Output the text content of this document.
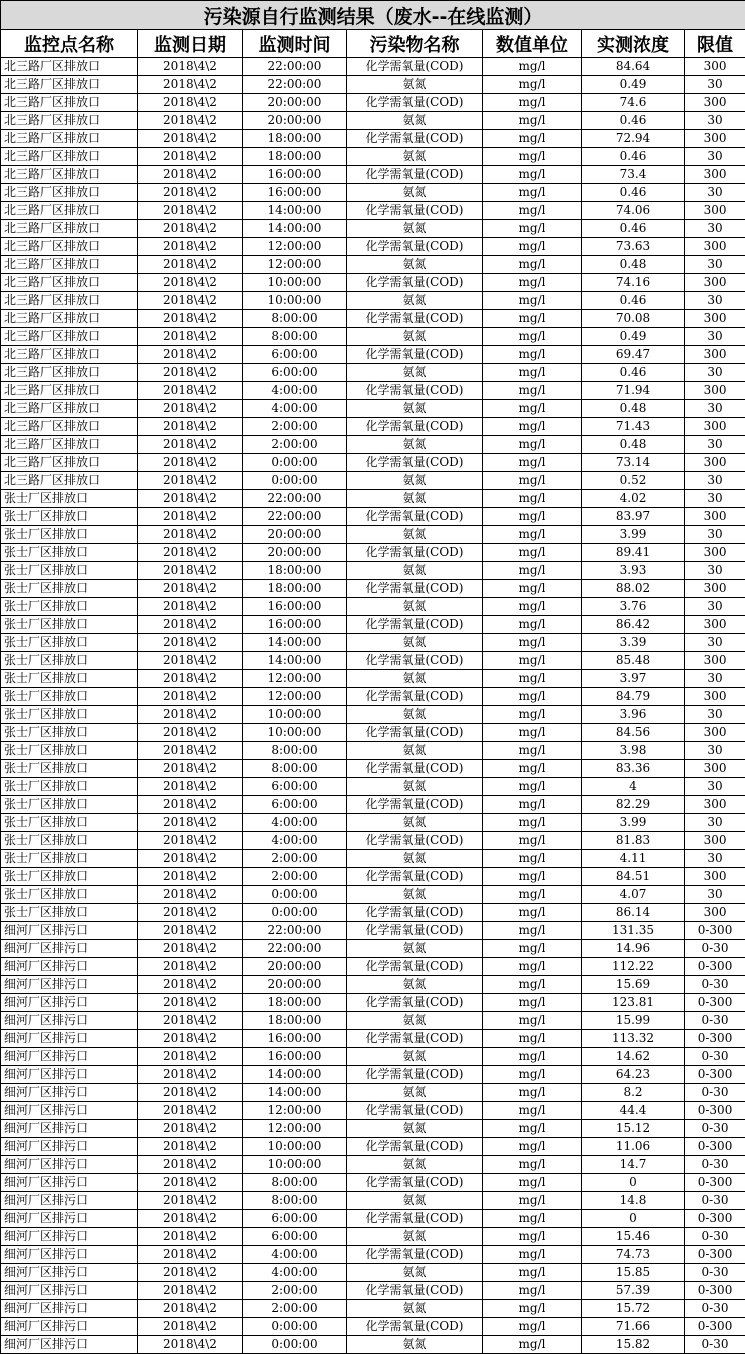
污染源自行监测结果（废水--在线监测）						
监控点名称	监测日期	监测时间	污染物名称	数值单位	实测浓度	限值
北三路厂区排放口	2018\4\2	22:00:00	化学需氧量(COD)	mg/l	84.64	300
北三路厂区排放口	2018\4\2	22:00:00	氨氮	mg/l	0.49	30
北三路厂区排放口	2018\4\2	20:00:00	化学需氧量(COD)	mg/l	74.6	300
北三路厂区排放口	2018\4\2	20:00:00	氨氮	mg/l	0.46	30
北三路厂区排放口	2018\4\2	18:00:00	化学需氧量(COD)	mg/l	72.94	300
北三路厂区排放口	2018\4\2	18:00:00	氨氮	mg/l	0.46	30
北三路厂区排放口	2018\4\2	16:00:00	化学需氧量(COD)	mg/l	73.4	300
北三路厂区排放口	2018\4\2	16:00:00	氨氮	mg/l	0.46	30
北三路厂区排放口	2018\4\2	14:00:00	化学需氧量(COD)	mg/l	74.06	300
北三路厂区排放口	2018\4\2	14:00:00	氨氮	mg/l	0.46	30
北三路厂区排放口	2018\4\2	12:00:00	化学需氧量(COD)	mg/l	73.63	300
北三路厂区排放口	2018\4\2	12:00:00	氨氮	mg/l	0.48	30
北三路厂区排放口	2018\4\2	10:00:00	化学需氧量(COD)	mg/l	74.16	300
北三路厂区排放口	2018\4\2	10:00:00	氨氮	mg/l	0.46	30
北三路厂区排放口	2018\4\2	8:00:00	化学需氧量(COD)	mg/l	70.08	300
北三路厂区排放口	2018\4\2	8:00:00	氨氮	mg/l	0.49	30
北三路厂区排放口	2018\4\2	6:00:00	化学需氧量(COD)	mg/l	69.47	300
北三路厂区排放口	2018\4\2	6:00:00	氨氮	mg/l	0.46	30
北三路厂区排放口	2018\4\2	4:00:00	化学需氧量(COD)	mg/l	71.94	300
北三路厂区排放口	2018\4\2	4:00:00	氨氮	mg/l	0.48	30
北三路厂区排放口	2018\4\2	2:00:00	化学需氧量(COD)	mg/l	71.43	300
北三路厂区排放口	2018\4\2	2:00:00	氨氮	mg/l	0.48	30
北三路厂区排放口	2018\4\2	0:00:00	化学需氧量(COD)	mg/l	73.14	300
北三路厂区排放口	2018\4\2	0:00:00	氨氮	mg/l	0.52	30
张士厂区排放口	2018\4\2	22:00:00	氨氮	mg/l	4.02	30
张士厂区排放口	2018\4\2	22:00:00	化学需氧量(COD)	mg/l	83.97	300
张士厂区排放口	2018\4\2	20:00:00	氨氮	mg/l	3.99	30
张士厂区排放口	2018\4\2	20:00:00	化学需氧量(COD)	mg/l	89.41	300
张士厂区排放口	2018\4\2	18:00:00	氨氮	mg/l	3.93	30
张士厂区排放口	2018\4\2	18:00:00	化学需氧量(COD)	mg/l	88.02	300
张士厂区排放口	2018\4\2	16:00:00	氨氮	mg/l	3.76	30
张士厂区排放口	2018\4\2	16:00:00	化学需氧量(COD)	mg/l	86.42	300
张士厂区排放口	2018\4\2	14:00:00	氨氮	mg/l	3.39	30
张士厂区排放口	2018\4\2	14:00:00	化学需氧量(COD)	mg/l	85.48	300
张士厂区排放口	2018\4\2	12:00:00	氨氮	mg/l	3.97	30
张士厂区排放口	2018\4\2	12:00:00	化学需氧量(COD)	mg/l	84.79	300
张士厂区排放口	2018\4\2	10:00:00	氨氮	mg/l	3.96	30
张士厂区排放口	2018\4\2	10:00:00	化学需氧量(COD)	mg/l	84.56	300
张士厂区排放口	2018\4\2	8:00:00	氨氮	mg/l	3.98	30
张士厂区排放口	2018\4\2	8:00:00	化学需氧量(COD)	mg/l	83.36	300
张士厂区排放口	2018\4\2	6:00:00	氨氮	mg/l	4	30
张士厂区排放口	2018\4\2	6:00:00	化学需氧量(COD)	mg/l	82.29	300
张士厂区排放口	2018\4\2	4:00:00	氨氮	mg/l	3.99	30
张士厂区排放口	2018\4\2	4:00:00	化学需氧量(COD)	mg/l	81.83	300
张士厂区排放口	2018\4\2	2:00:00	氨氮	mg/l	4.11	30
张士厂区排放口	2018\4\2	2:00:00	化学需氧量(COD)	mg/l	84.51	300
张士厂区排放口	2018\4\2	0:00:00	氨氮	mg/l	4.07	30
张士厂区排放口	2018\4\2	0:00:00	化学需氧量(COD)	mg/l	86.14	300
细河厂区排污口	2018\4\2	22:00:00	化学需氧量(COD)	mg/l	131.35	0-300
细河厂区排污口	2018\4\2	22:00:00	氨氮	mg/l	14.96	0-30
细河厂区排污口	2018\4\2	20:00:00	化学需氧量(COD)	mg/l	112.22	0-300
细河厂区排污口	2018\4\2	20:00:00	氨氮	mg/l	15.69	0-30
细河厂区排污口	2018\4\2	18:00:00	化学需氧量(COD)	mg/l	123.81	0-300
细河厂区排污口	2018\4\2	18:00:00	氨氮	mg/l	15.99	0-30
细河厂区排污口	2018\4\2	16:00:00	化学需氧量(COD)	mg/l	113.32	0-300
细河厂区排污口	2018\4\2	16:00:00	氨氮	mg/l	14.62	0-30
细河厂区排污口	2018\4\2	14:00:00	化学需氧量(COD)	mg/l	64.23	0-300
细河厂区排污口	2018\4\2	14:00:00	氨氮	mg/l	8.2	0-30
细河厂区排污口	2018\4\2	12:00:00	化学需氧量(COD)	mg/l	44.4	0-300
细河厂区排污口	2018\4\2	12:00:00	氨氮	mg/l	15.12	0-30
细河厂区排污口	2018\4\2	10:00:00	化学需氧量(COD)	mg/l	11.06	0-300
细河厂区排污口	2018\4\2	10:00:00	氨氮	mg/l	14.7	0-30
细河厂区排污口	2018\4\2	8:00:00	化学需氧量(COD)	mg/l	0	0-300
细河厂区排污口	2018\4\2	8:00:00	氨氮	mg/l	14.8	0-30
细河厂区排污口	2018\4\2	6:00:00	化学需氧量(COD)	mg/l	0	0-300
细河厂区排污口	2018\4\2	6:00:00	氨氮	mg/l	15.46	0-30
细河厂区排污口	2018\4\2	4:00:00	化学需氧量(COD)	mg/l	74.73	0-300
细河厂区排污口	2018\4\2	4:00:00	氨氮	mg/l	15.85	0-30
细河厂区排污口	2018\4\2	2:00:00	化学需氧量(COD)	mg/l	57.39	0-300
细河厂区排污口	2018\4\2	2:00:00	氨氮	mg/l	15.72	0-30
细河厂区排污口	2018\4\2	0:00:00	化学需氧量(COD)	mg/l	71.66	0-300
细河厂区排污口	2018\4\2	0:00:00	氨氮	mg/l	15.82	0-30
